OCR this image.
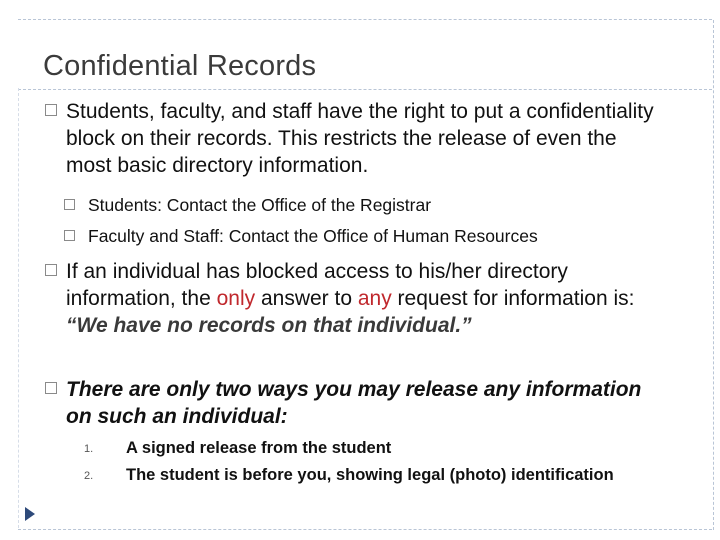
Confidential Records
Students, faculty, and staff have the right to put a confidentiality block on their records. This restricts the release of even the most basic directory information.
Students: Contact the Office of the Registrar
Faculty and Staff: Contact the Office of Human Resources
If an individual has blocked access to his/her directory information, the only answer to any request for information is: “We have no records on that individual.”
There are only two ways you may release any information on such an individual:
1.	A signed release from the student
2.	The student is before you, showing legal (photo) identification
